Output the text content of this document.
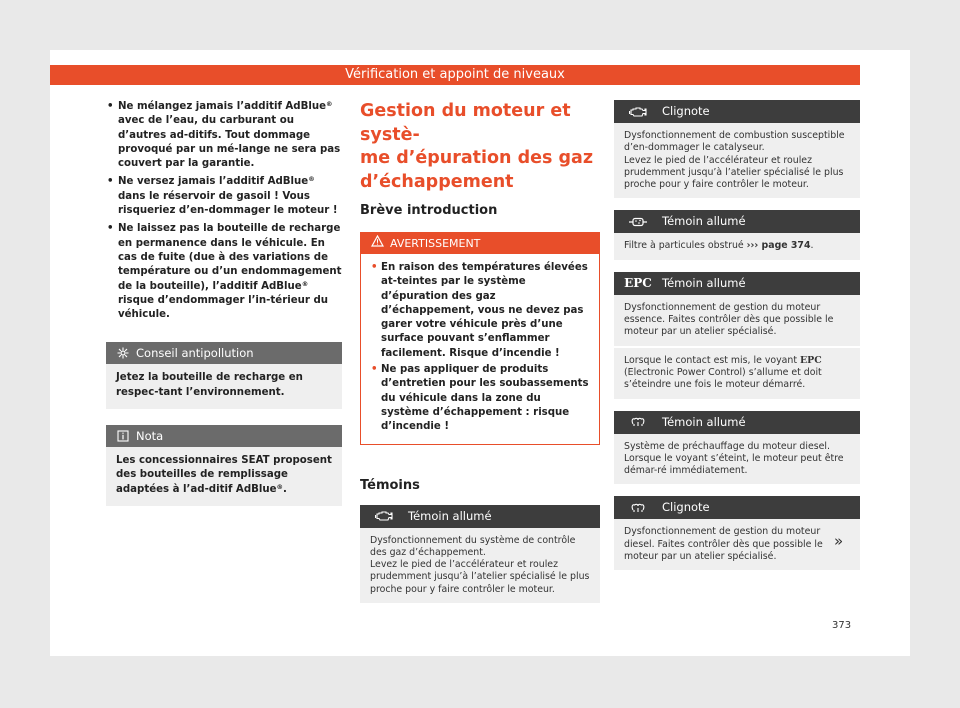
Vérification et appoint de niveaux

• Ne mélangez jamais l’additif AdBlue® avec de l’eau, du carburant ou d’autres ad-ditifs. Tout dommage provoqué par un mé-lange ne sera pas couvert par la garantie.

• Ne versez jamais l’additif AdBlue® dans le réservoir de gasoil ! Vous risqueriez d’en-dommager le moteur !

• Ne laissez pas la bouteille de recharge en permanence dans le véhicule. En cas de fuite (due à des variations de température ou d’un endommagement de la bouteille), l’additif AdBlue® risque d’endommager l’in-térieur du véhicule.

Conseil antipollution
Jetez la bouteille de recharge en respec-tant l’environnement.
Nota
Les concessionnaires SEAT proposent des bouteilles de remplissage adaptées à l’ad-ditif AdBlue®.
Gestion du moteur et systè-
me d’épuration des gaz
d’échappement
Brève introduction
AVERTISSEMENT

• En raison des températures élevées at-teintes par le système d’épuration des gaz d’échappement, vous ne devez pas garer votre véhicule près d’une surface pouvant s’enflammer facilement. Risque d’incendie !

• Ne pas appliquer de produits d’entretien pour les soubassements du véhicule dans la zone du système d’échappement : risque d’incendie !

Témoins
Témoin allumé
Dysfonctionnement du système de contrôle des gaz d’échappement.
Levez le pied de l’accélérateur et roulez prudemment jusqu’à l’atelier spécialisé le plus proche pour y faire contrôler le moteur.
Clignote
Dysfonctionnement de combustion susceptible d’en-dommager le catalyseur.
Levez le pied de l’accélérateur et roulez prudemment jusqu’à l’atelier spécialisé le plus proche pour y faire contrôler le moteur.
Témoin allumé
Filtre à particules obstrué ››› page 374.
EPC Témoin allumé
Dysfonctionnement de gestion du moteur essence. Faites contrôler dès que possible le moteur par un atelier spécialisé.
Lorsque le contact est mis, le voyant EPC (Electronic Power Control) s’allume et doit s’éteindre une fois le moteur démarré.
Témoin allumé
Système de préchauffage du moteur diesel.
Lorsque le voyant s’éteint, le moteur peut être démar-ré immédiatement.
Clignote
Dysfonctionnement de gestion du moteur diesel. Faites contrôler dès que possible le moteur par un atelier spécialisé.
»
373
